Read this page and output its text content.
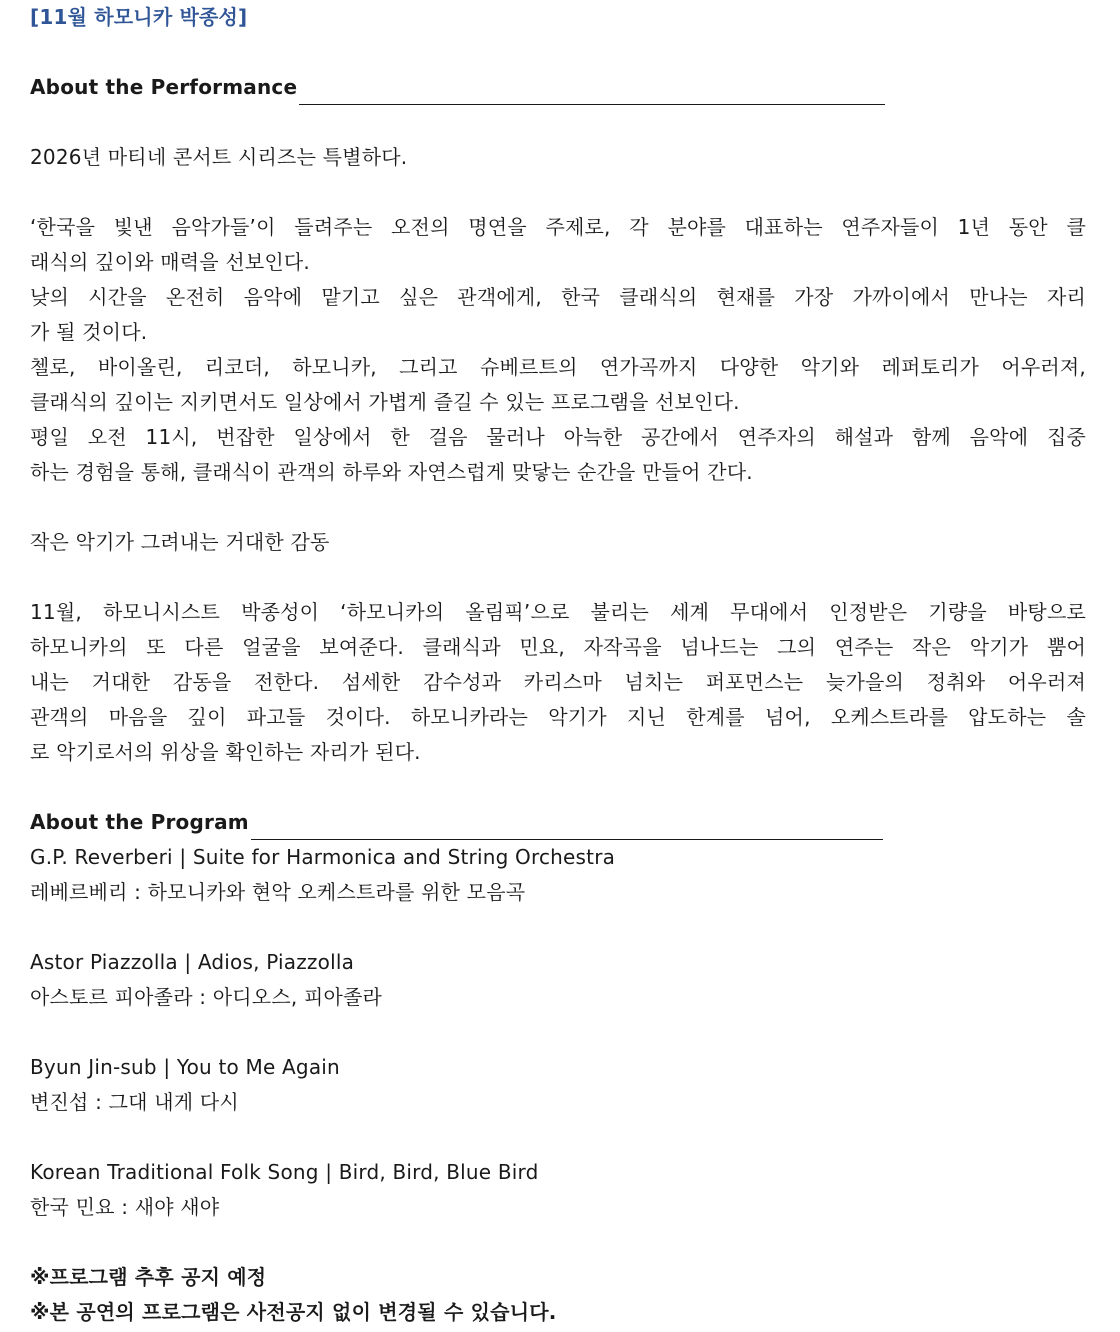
[11월 하모니카 박종성]
About the Performance
2026년 마티네 콘서트 시리즈는 특별하다.
‘한국을 빛낸 음악가들’이 들려주는 오전의 명연을 주제로, 각 분야를 대표하는 연주자들이 1년 동안 클
래식의 깊이와 매력을 선보인다.
낮의 시간을 온전히 음악에 맡기고 싶은 관객에게, 한국 클래식의 현재를 가장 가까이에서 만나는 자리
가 될 것이다.
첼로, 바이올린, 리코더, 하모니카, 그리고 슈베르트의 연가곡까지 다양한 악기와 레퍼토리가 어우러져,
클래식의 깊이는 지키면서도 일상에서 가볍게 즐길 수 있는 프로그램을 선보인다.
평일 오전 11시, 번잡한 일상에서 한 걸음 물러나 아늑한 공간에서 연주자의 해설과 함께 음악에 집중
하는 경험을 통해, 클래식이 관객의 하루와 자연스럽게 맞닿는 순간을 만들어 간다.
작은 악기가 그려내는 거대한 감동
11월, 하모니시스트 박종성이 ‘하모니카의 올림픽’으로 불리는 세계 무대에서 인정받은 기량을 바탕으로
하모니카의 또 다른 얼굴을 보여준다. 클래식과 민요, 자작곡을 넘나드는 그의 연주는 작은 악기가 뿜어
내는 거대한 감동을 전한다. 섬세한 감수성과 카리스마 넘치는 퍼포먼스는 늦가을의 정취와 어우러져
관객의 마음을 깊이 파고들 것이다. 하모니카라는 악기가 지닌 한계를 넘어, 오케스트라를 압도하는 솔
로 악기로서의 위상을 확인하는 자리가 된다.
About the Program
G.P. Reverberi | Suite for Harmonica and String Orchestra
레베르베리 : 하모니카와 현악 오케스트라를 위한 모음곡
Astor Piazzolla | Adios, Piazzolla
아스토르 피아졸라 : 아디오스, 피아졸라
Byun Jin-sub | You to Me Again
변진섭 : 그대 내게 다시
Korean Traditional Folk Song | Bird, Bird, Blue Bird
한국 민요 : 새야 새야
※프로그램 추후 공지 예정
※본 공연의 프로그램은 사전공지 없이 변경될 수 있습니다.
